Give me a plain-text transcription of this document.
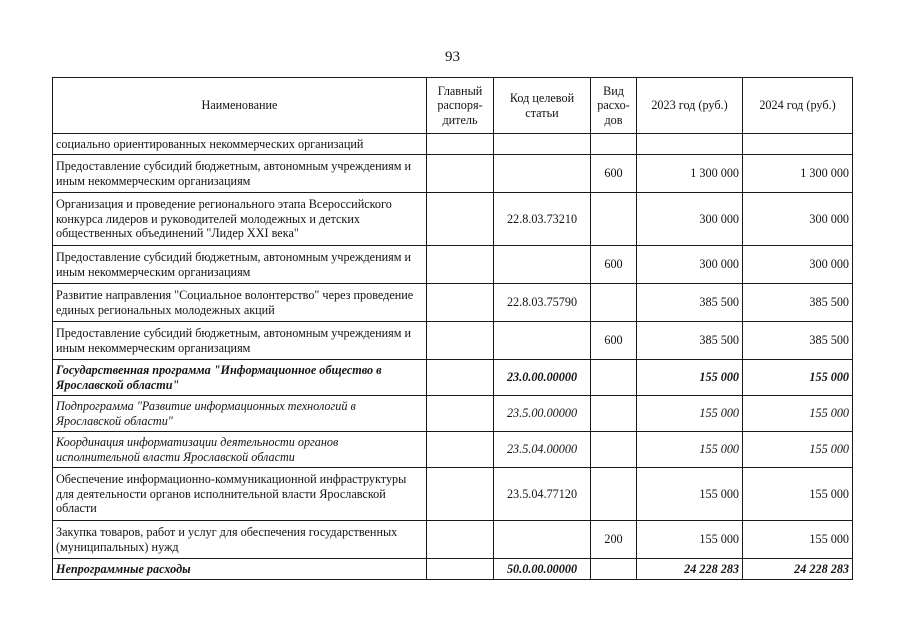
93
Наименование	Главный распоря-дитель	Код целевой статьи	Вид расхо-дов	2023 год (руб.)	2024 год (руб.)
социально ориентированных некоммерческих организаций					
Предоставление субсидий бюджетным, автономным учреждениям и иным некоммерческим организациям			600	1 300 000	1 300 000
Организация и проведение регионального этапа Всероссийского конкурса лидеров и руководителей молодежных и детских общественных объединений "Лидер XXI века"		22.8.03.73210		300 000	300 000
Предоставление субсидий бюджетным, автономным учреждениям и иным некоммерческим организациям			600	300 000	300 000
Развитие направления "Социальное волонтерство" через проведение единых региональных молодежных акций		22.8.03.75790		385 500	385 500
Предоставление субсидий бюджетным, автономным учреждениям и иным некоммерческим организациям			600	385 500	385 500
Государственная программа "Информационное общество в Ярославской области"		23.0.00.00000		155 000	155 000
Подпрограмма "Развитие информационных технологий в Ярославской области"		23.5.00.00000		155 000	155 000
Координация информатизации деятельности органов исполнительной власти Ярославской области		23.5.04.00000		155 000	155 000
Обеспечение информационно-коммуникационной инфраструктуры для деятельности органов исполнительной власти Ярославской области		23.5.04.77120		155 000	155 000
Закупка товаров, работ и услуг для обеспечения государственных (муниципальных) нужд			200	155 000	155 000
Непрограммные расходы		50.0.00.00000		24 228 283	24 228 283
